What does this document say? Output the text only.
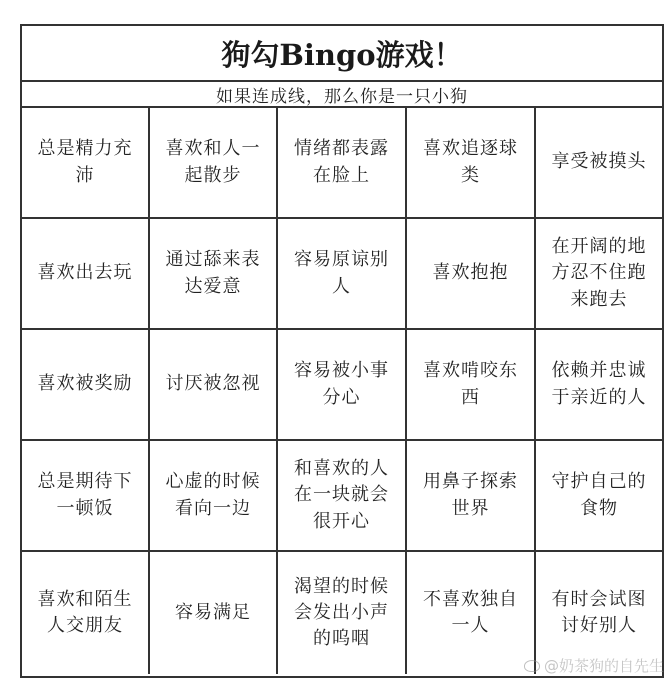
狗勾Bingo游戏！
如果连成线，那么你是一只小狗
总是精力充沛
喜欢和人一起散步
情绪都表露在脸上
喜欢追逐球类
享受被摸头
喜欢出去玩
通过舔来表达爱意
容易原谅别人
喜欢抱抱
在开阔的地方忍不住跑来跑去
喜欢被奖励	讨厌被忽视
容易被小事分心
喜欢啃咬东西
依赖并忠诚于亲近的人
总是期待下一顿饭
心虚的时候看向一边
和喜欢的人在一块就会很开心
用鼻子探索世界
守护自己的食物
喜欢和陌生人交朋友
容易满足
渴望的时候会发出小声的呜咽
不喜欢独自一人
有时会试图讨好别人
@奶茶狗的自先生
